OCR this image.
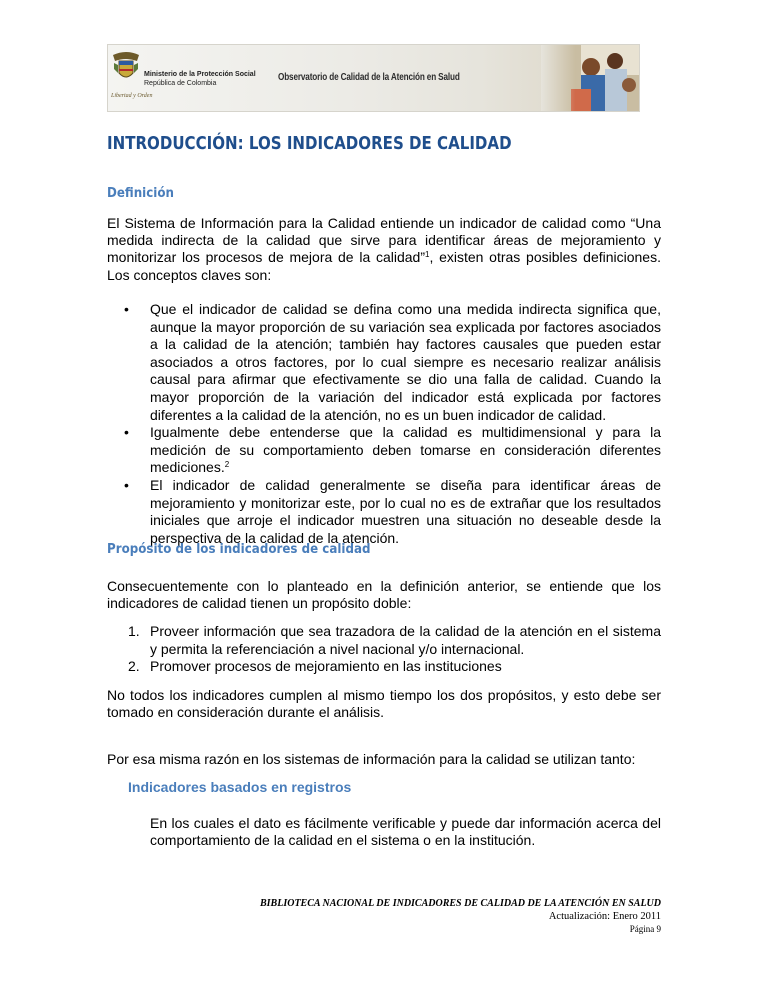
Libertad y Orden
Ministerio de la Protección Social
República de Colombia
Observatorio de Calidad de la Atención en Salud
INTRODUCCIÓN: LOS INDICADORES DE CALIDAD
Definición
El Sistema de Información para la Calidad entiende un indicador de calidad como “Una medida indirecta de la calidad que sirve para identificar áreas de mejoramiento y monitorizar los procesos de mejora de la calidad”$^1$, existen otras posibles definiciones. Los conceptos claves son:
• Que el indicador de calidad se defina como una medida indirecta significa que, aunque la mayor proporción de su variación sea explicada por factores asociados a la calidad de la atención; también hay factores causales que pueden estar asociados a otros factores, por lo cual siempre es necesario realizar análisis causal para afirmar que efectivamente se dio una falla de calidad. Cuando la mayor proporción de la variación del indicador está explicada por factores diferentes a la calidad de la atención, no es un buen indicador de calidad.
• Igualmente debe entenderse que la calidad es multidimensional y para la medición de su comportamiento deben tomarse en consideración diferentes mediciones.$^2$
• El indicador de calidad generalmente se diseña para identificar áreas de mejoramiento y monitorizar este, por lo cual no es de extrañar que los resultados iniciales que arroje el indicador muestren una situación no deseable desde la perspectiva de la calidad de la atención.
Propósito de los indicadores de calidad
Consecuentemente con lo planteado en la definición anterior, se entiende que los indicadores de calidad tienen un propósito doble:
1. Proveer información que sea trazadora de la calidad de la atención en el sistema y permita la referenciación a nivel nacional y/o internacional.
2. Promover procesos de mejoramiento en las instituciones
No todos los indicadores cumplen al mismo tiempo los dos propósitos, y esto debe ser tomado en consideración durante el análisis.
Por esa misma razón en los sistemas de información para la calidad se utilizan tanto:
Indicadores basados en registros
En los cuales el dato es fácilmente verificable y puede dar información acerca del comportamiento de la calidad en el sistema o en la institución.
BIBLIOTECA NACIONAL DE INDICADORES DE CALIDAD DE LA ATENCIÓN EN SALUD
Actualización: Enero 2011
Página 9
